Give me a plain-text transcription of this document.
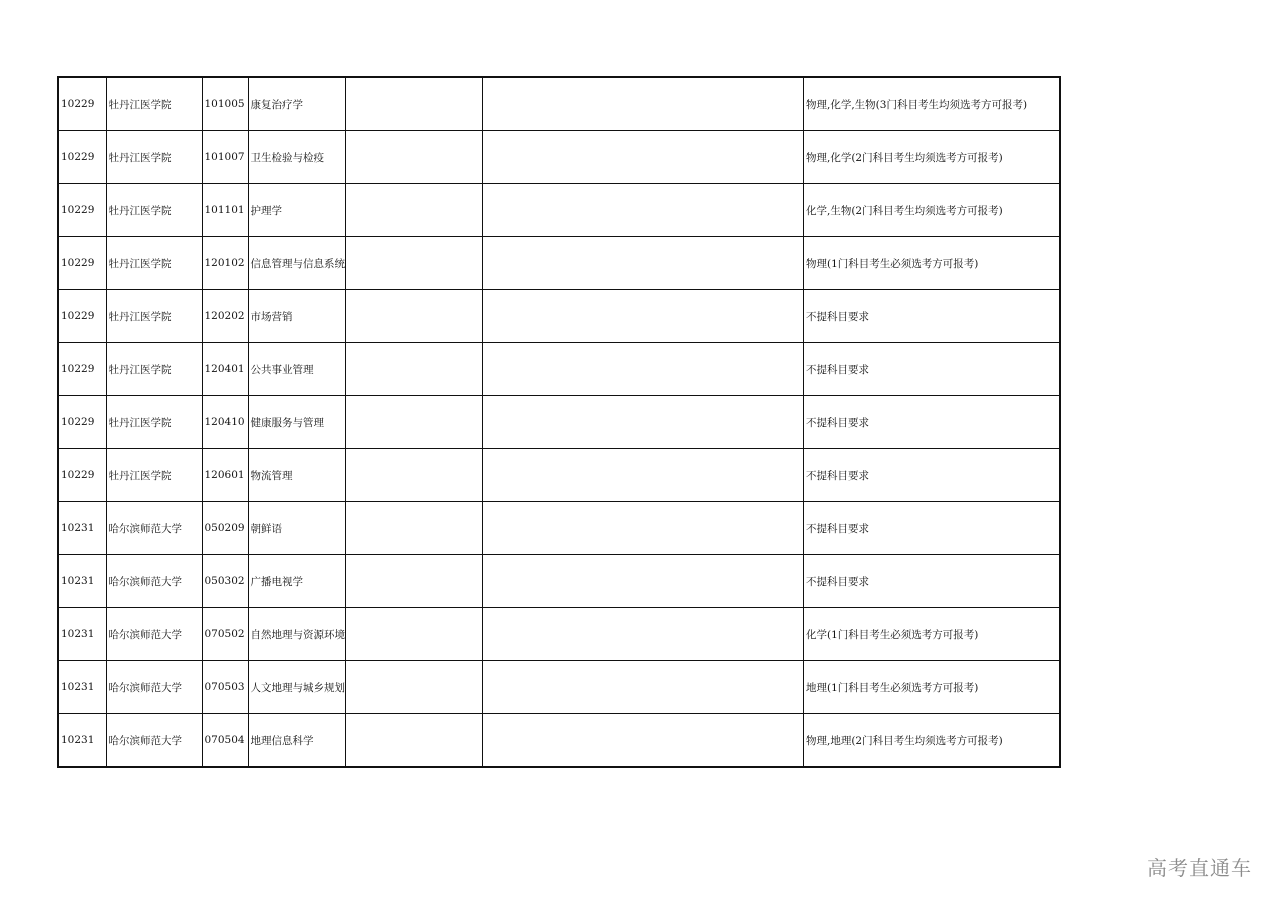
10229	牡丹江医学院	101005	康复治疗学			物理,化学,生物(3门科目考生均须选考方可报考)
10229	牡丹江医学院	101007	卫生检验与检疫			物理,化学(2门科目考生均须选考方可报考)
10229	牡丹江医学院	101101	护理学			化学,生物(2门科目考生均须选考方可报考)
10229	牡丹江医学院	120102	信息管理与信息系统			物理(1门科目考生必须选考方可报考)
10229	牡丹江医学院	120202	市场营销			不提科目要求
10229	牡丹江医学院	120401	公共事业管理			不提科目要求
10229	牡丹江医学院	120410	健康服务与管理			不提科目要求
10229	牡丹江医学院	120601	物流管理			不提科目要求
10231	哈尔滨师范大学	050209	朝鲜语			不提科目要求
10231	哈尔滨师范大学	050302	广播电视学			不提科目要求
10231	哈尔滨师范大学	070502	自然地理与资源环境			化学(1门科目考生必须选考方可报考)
10231	哈尔滨师范大学	070503	人文地理与城乡规划			地理(1门科目考生必须选考方可报考)
10231	哈尔滨师范大学	070504	地理信息科学			物理,地理(2门科目考生均须选考方可报考)
高考直通车
